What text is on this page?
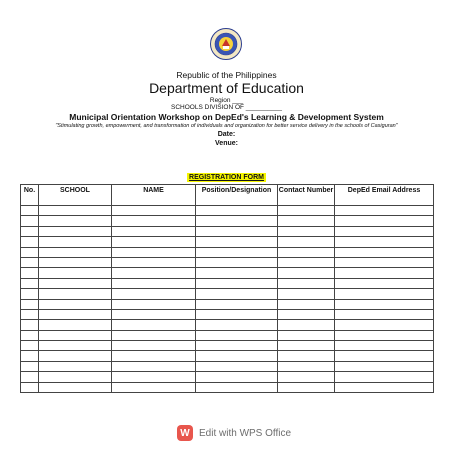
Republic of the Philippines
Department of Education
Region ___
SCHOOLS DIVISION OF __________
Municipal Orientation Workshop on DepEd's Learning & Development System
"Stimulating growth, empowerment, and transformation of individuals and organization for better service delivery in the schools of Casiguran"
Date:
Venue:
REGISTRATION FORM
No.	SCHOOL	NAME	Position/Designation	Contact Number	DepEd Email Address

W Edit with WPS Office
